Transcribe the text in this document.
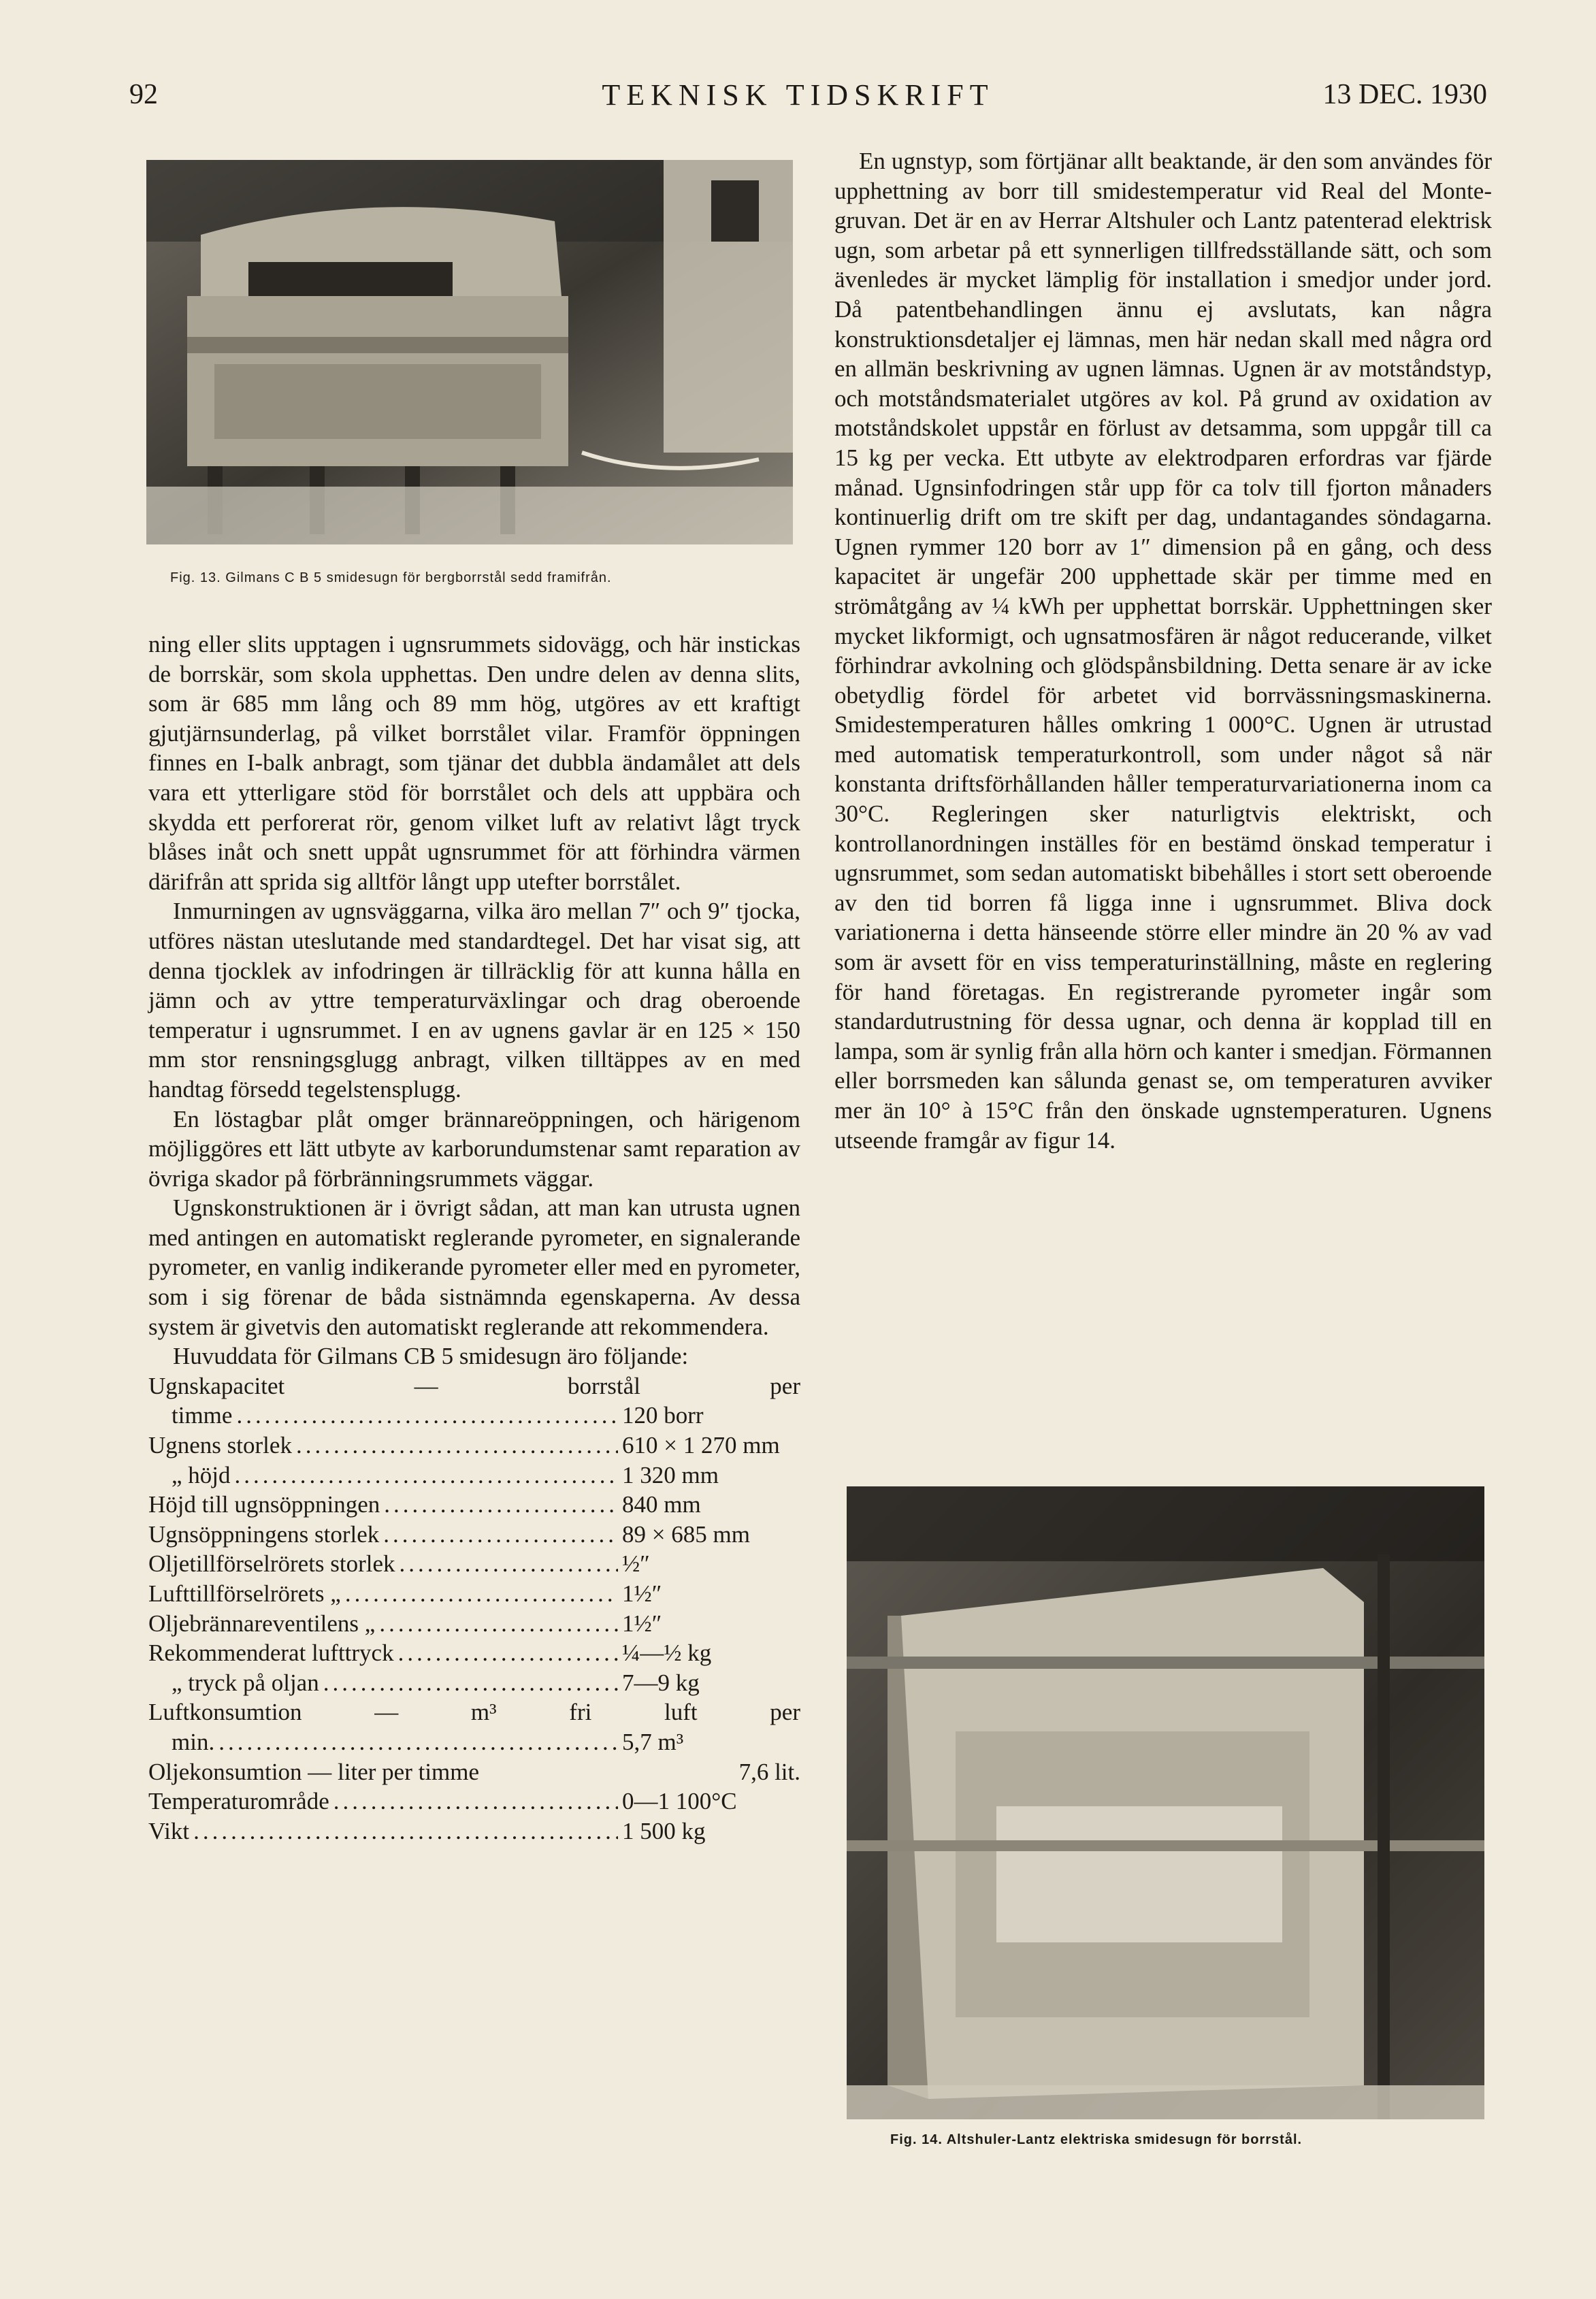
92	TEKNISK TIDSKRIFT	13 DEC. 1930
Fig. 13. Gilmans C B 5 smidesugn för bergborrstål sedd framifrån.

ning eller slits upptagen i ugnsrummets sidovägg, och här instickas de borrskär, som skola upphettas. Den undre delen av denna slits, som är 685 mm lång och 89 mm hög, utgöres av ett kraftigt gjutjärnsunderlag, på vilket borrstålet vilar. Framför öppningen finnes en I-balk anbragt, som tjänar det dubbla ändamålet att dels vara ett ytterligare stöd för borrstålet och dels att uppbära och skydda ett perforerat rör, genom vilket luft av relativt lågt tryck blåses inåt och snett uppåt ugnsrummet för att förhindra värmen därifrån att sprida sig alltför långt upp utefter borrstålet.

Inmurningen av ugnsväggarna, vilka äro mellan 7″ och 9″ tjocka, utföres nästan uteslutande med standardtegel. Det har visat sig, att denna tjocklek av infodringen är tillräcklig för att kunna hålla en jämn och av yttre temperaturväxlingar och drag oberoende temperatur i ugnsrummet. I en av ugnens gavlar är en 125 × 150 mm stor rensningsglugg anbragt, vilken tilltäppes av en med handtag försedd tegelstensplugg.

En löstagbar plåt omger brännareöppningen, och härigenom möjliggöres ett lätt utbyte av karborundumstenar samt reparation av övriga skador på förbränningsrummets väggar.

Ugnskonstruktionen är i övrigt sådan, att man kan utrusta ugnen med antingen en automatiskt reglerande pyrometer, en signalerande pyrometer, en vanlig indikerande pyrometer eller med en pyrometer, som i sig förenar de båda sistnämnda egenskaperna. Av dessa system är givetvis den automatiskt reglerande att rekommendera.

Huvuddata för Gilmans CB 5 smidesugn äro följande:

Ugnskapacitet — borrstål per
timme .....	120 borr
Ugnens storlek .....	610 × 1 270 mm
„ höjd .....	1 320 mm
Höjd till ugnsöppningen .....	840 mm
Ugnsöppningens storlek .....	89 × 685 mm
Oljetillförselrörets storlek .....	½″
Lufttillförselrörets „ .....	1½″
Oljebrännareventilens „ .....	1½″
Rekommenderat lufttryck .....	¼—½ kg
„ tryck på oljan .....	7—9 kg
Luftkonsumtion — m³ fri luft per
min. .....	5,7 m³
Oljekonsumtion — liter per timme	7,6 lit.
Temperaturområde .....	0—1 100°C
Vikt .....	1 500 kg

En ugnstyp, som förtjänar allt beaktande, är den som användes för upphettning av borr till smidestemperatur vid Real del Monte-gruvan. Det är en av Herrar Altshuler och Lantz patenterad elektrisk ugn, som arbetar på ett synnerligen tillfredsställande sätt, och som ävenledes är mycket lämplig för installation i smedjor under jord. Då patentbehandlingen ännu ej avslutats, kan några konstruktionsdetaljer ej lämnas, men här nedan skall med några ord en allmän beskrivning av ugnen lämnas. Ugnen är av motståndstyp, och motståndsmaterialet utgöres av kol. På grund av oxidation av motståndskolet uppstår en förlust av detsamma, som uppgår till ca 15 kg per vecka. Ett utbyte av elektrodparen erfordras var fjärde månad. Ugnsinfodringen står upp för ca tolv till fjorton månaders kontinuerlig drift om tre skift per dag, undantagandes söndagarna. Ugnen rymmer 120 borr av 1″ dimension på en gång, och dess kapacitet är ungefär 200 upphettade skär per timme med en strömåtgång av ¼ kWh per upphettat borrskär. Upphettningen sker mycket likformigt, och ugnsatmosfären är något reducerande, vilket förhindrar avkolning och glödspånsbildning. Detta senare är av icke obetydlig fördel för arbetet vid borrvässningsmaskinerna. Smidestemperaturen hålles omkring 1 000°C. Ugnen är utrustad med automatisk temperaturkontroll, som under något så när konstanta driftsförhållanden håller temperaturvariationerna inom ca 30°C. Regleringen sker naturligtvis elektriskt, och kontrollanordningen inställes för en bestämd önskad temperatur i ugnsrummet, som sedan automatiskt bibehålles i stort sett oberoende av den tid borren få ligga inne i ugnsrummet. Bliva dock variationerna i detta hänseende större eller mindre än 20 % av vad som är avsett för en viss temperaturinställning, måste en reglering för hand företagas. En registrerande pyrometer ingår som standardutrustning för dessa ugnar, och denna är kopplad till en lampa, som är synlig från alla hörn och kanter i smedjan. Förmannen eller borrsmeden kan sålunda genast se, om temperaturen avviker mer än 10° à 15°C från den önskade ugnstemperaturen. Ugnens utseende framgår av figur 14.

Fig. 14. Altshuler-Lantz elektriska smidesugn för borrstål.
